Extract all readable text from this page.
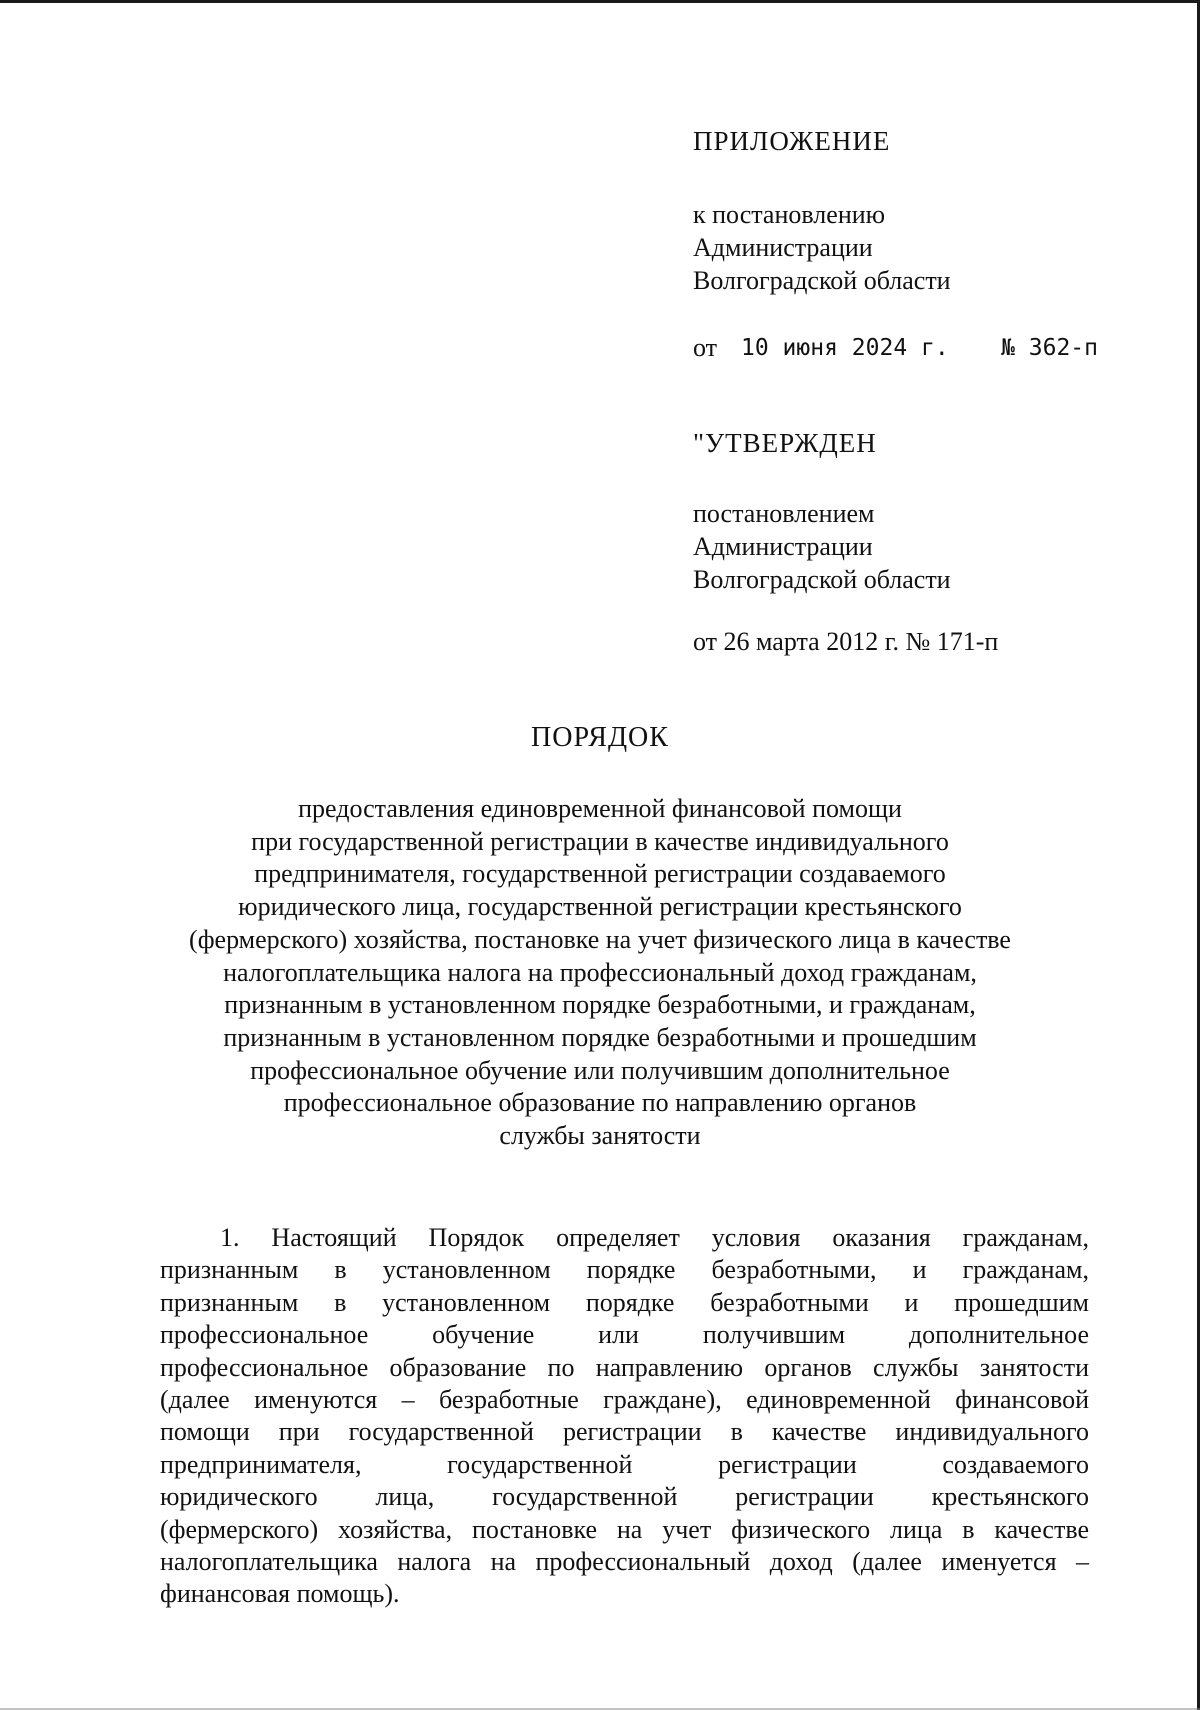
ПРИЛОЖЕНИЕ
к постановлению
Администрации
Волгоградской области
от 10 июня 2024 г. № 362-п
"УТВЕРЖДЕН
постановлением
Администрации
Волгоградской области
от 26 марта 2012 г. № 171-п
ПОРЯДОК
предоставления единовременной финансовой помощи
при государственной регистрации в качестве индивидуального
предпринимателя, государственной регистрации создаваемого
юридического лица, государственной регистрации крестьянского
(фермерского) хозяйства, постановке на учет физического лица в качестве
налогоплательщика налога на профессиональный доход гражданам,
признанным в установленном порядке безработными, и гражданам,
признанным в установленном порядке безработными и прошедшим
профессиональное обучение или получившим дополнительное
профессиональное образование по направлению органов
службы занятости
1. Настоящий Порядок определяет условия оказания гражданам,
признанным в установленном порядке безработными, и гражданам,
признанным в установленном порядке безработными и прошедшим
профессиональное обучение или получившим дополнительное
профессиональное образование по направлению органов службы занятости
(далее именуются – безработные граждане), единовременной финансовой
помощи при государственной регистрации в качестве индивидуального
предпринимателя, государственной регистрации создаваемого
юридического лица, государственной регистрации крестьянского
(фермерского) хозяйства, постановке на учет физического лица в качестве
налогоплательщика налога на профессиональный доход (далее именуется –
финансовая помощь).
